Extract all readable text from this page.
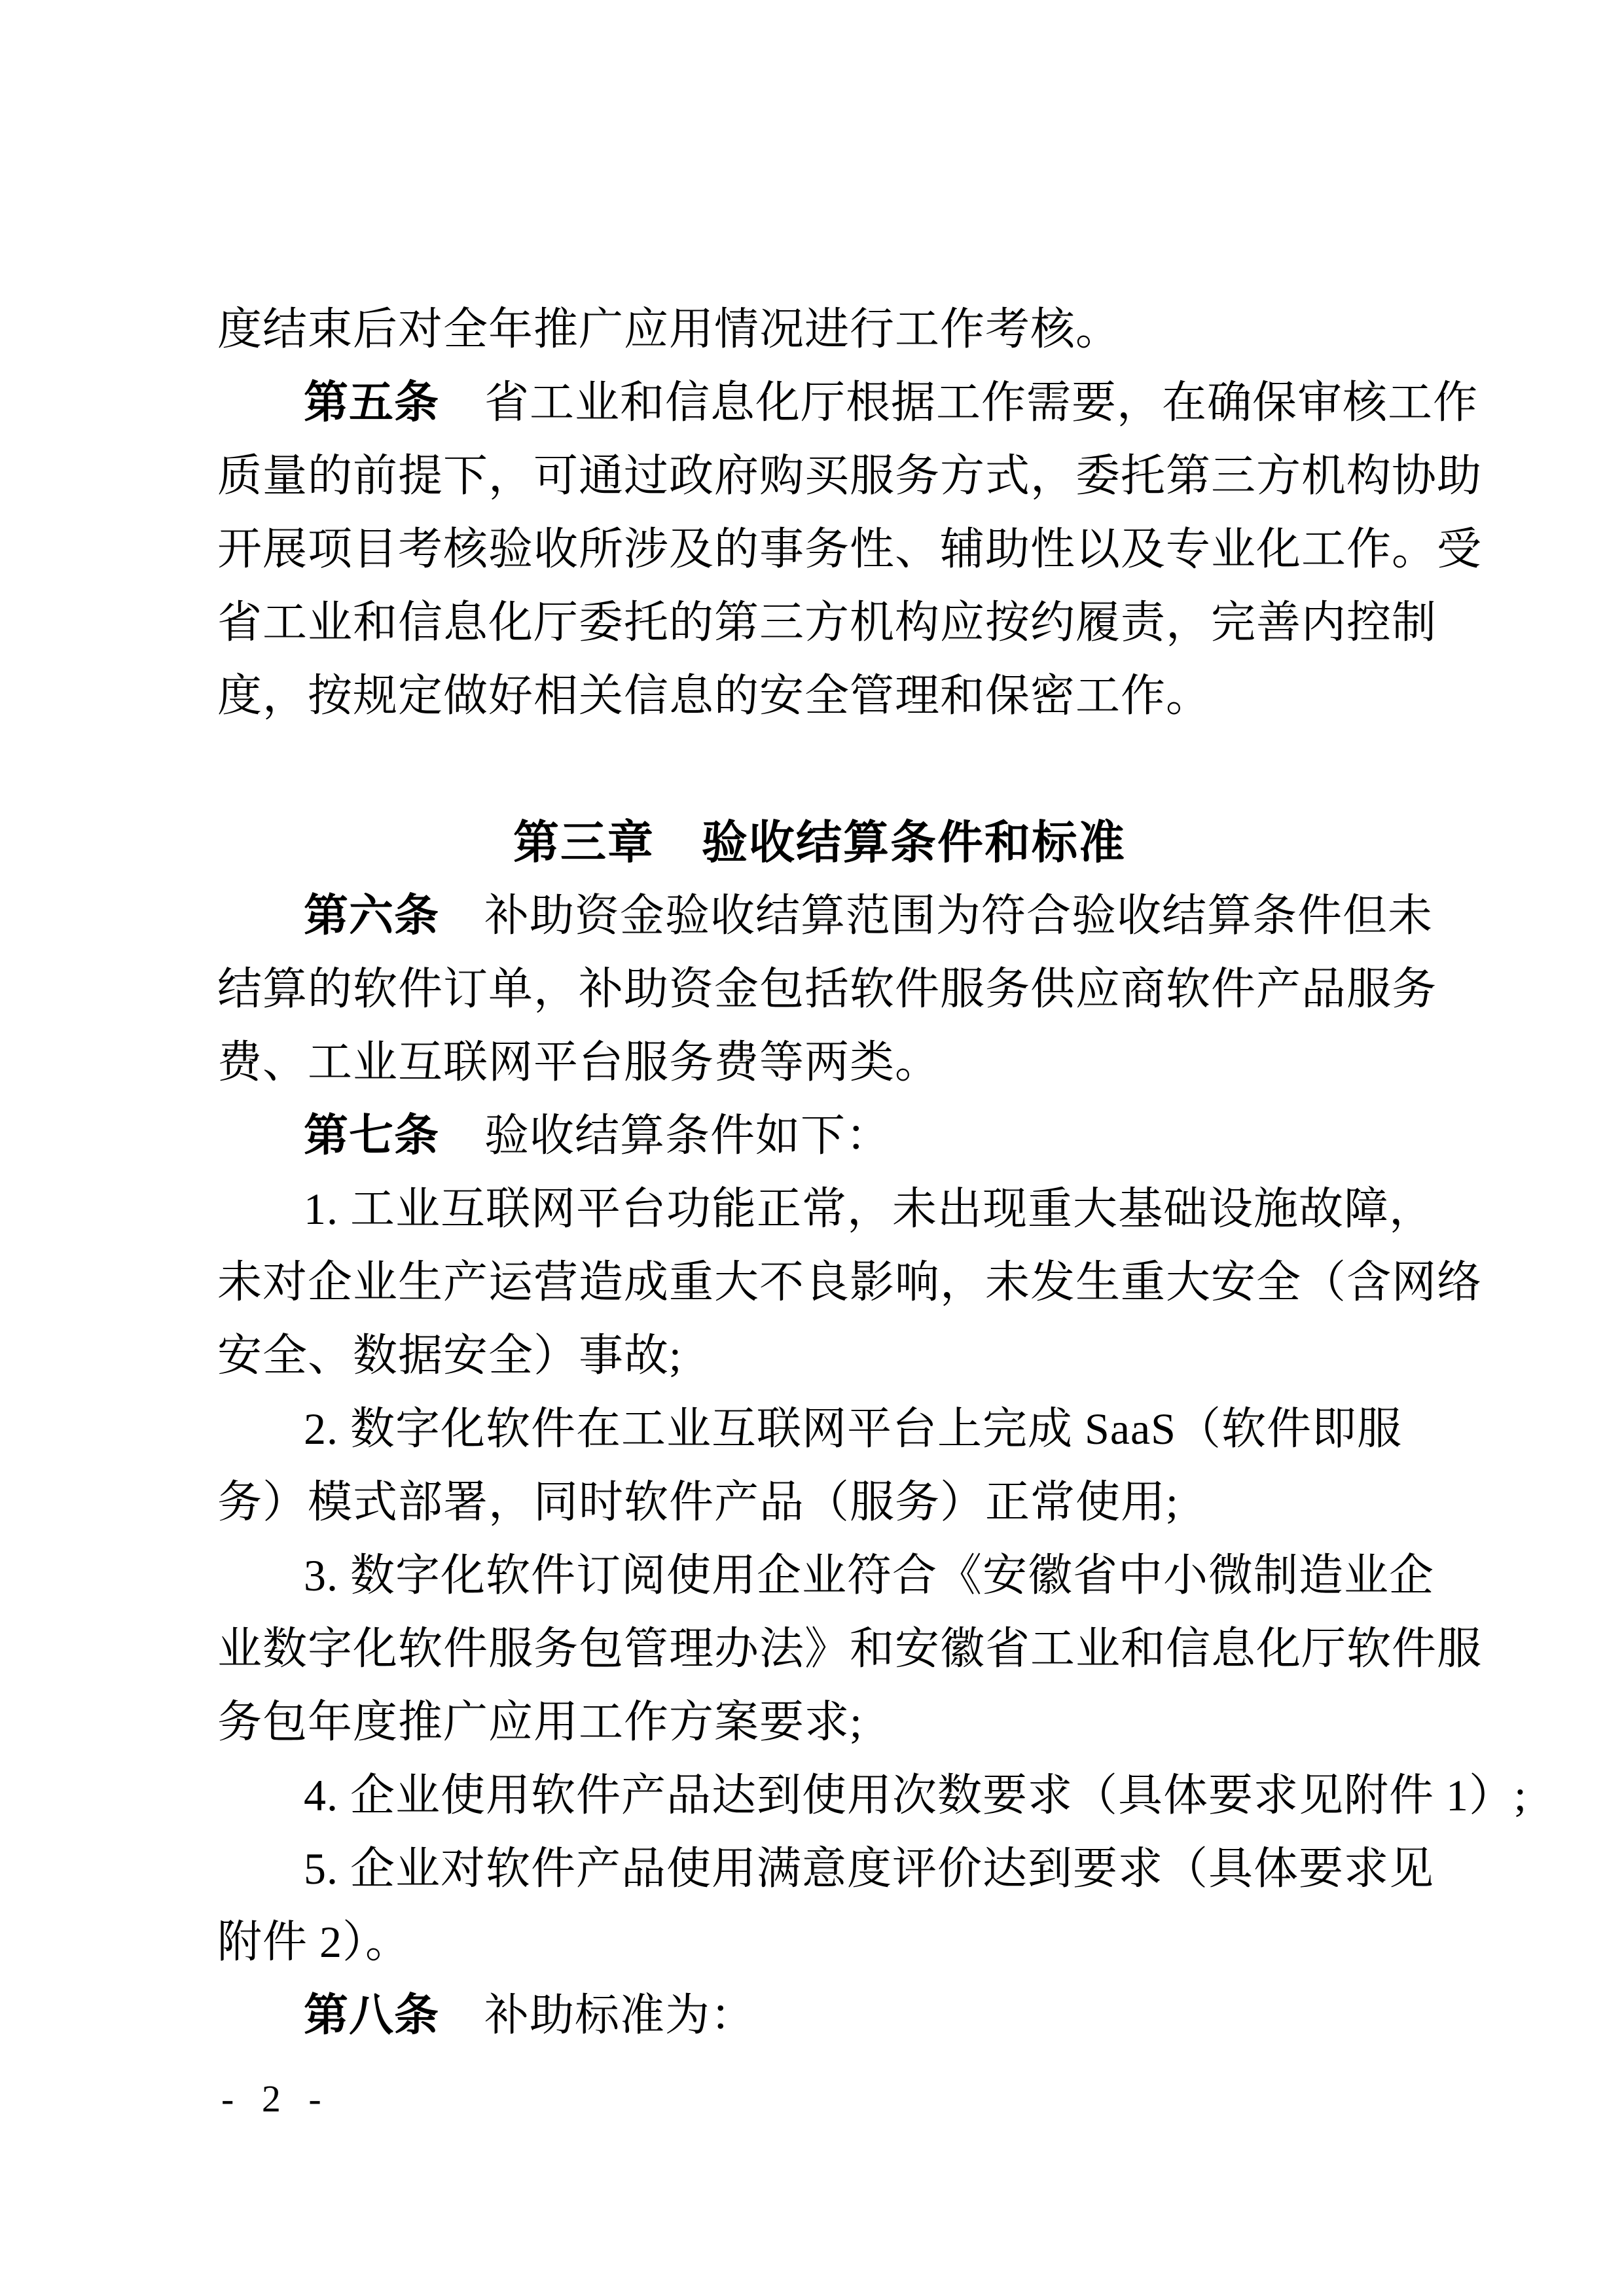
度结束后对全年推广应用情况进行工作考核。
第五条　省工业和信息化厅根据工作需要，在确保审核工作
质量的前提下，可通过政府购买服务方式，委托第三方机构协助
开展项目考核验收所涉及的事务性、辅助性以及专业化工作。受
省工业和信息化厅委托的第三方机构应按约履责，完善内控制
度，按规定做好相关信息的安全管理和保密工作。
第三章　验收结算条件和标准
第六条　补助资金验收结算范围为符合验收结算条件但未
结算的软件订单，补助资金包括软件服务供应商软件产品服务
费、工业互联网平台服务费等两类。
第七条　验收结算条件如下：
1. 工业互联网平台功能正常，未出现重大基础设施故障，
未对企业生产运营造成重大不良影响，未发生重大安全（含网络
安全、数据安全）事故;
2. 数字化软件在工业互联网平台上完成 SaaS（软件即服
务）模式部署，同时软件产品（服务）正常使用;
3. 数字化软件订阅使用企业符合《安徽省中小微制造业企
业数字化软件服务包管理办法》和安徽省工业和信息化厅软件服
务包年度推广应用工作方案要求;
4. 企业使用软件产品达到使用次数要求（具体要求见附件 1）;
5. 企业对软件产品使用满意度评价达到要求（具体要求见
附件 2）。
第八条　补助标准为：
- 2 -
